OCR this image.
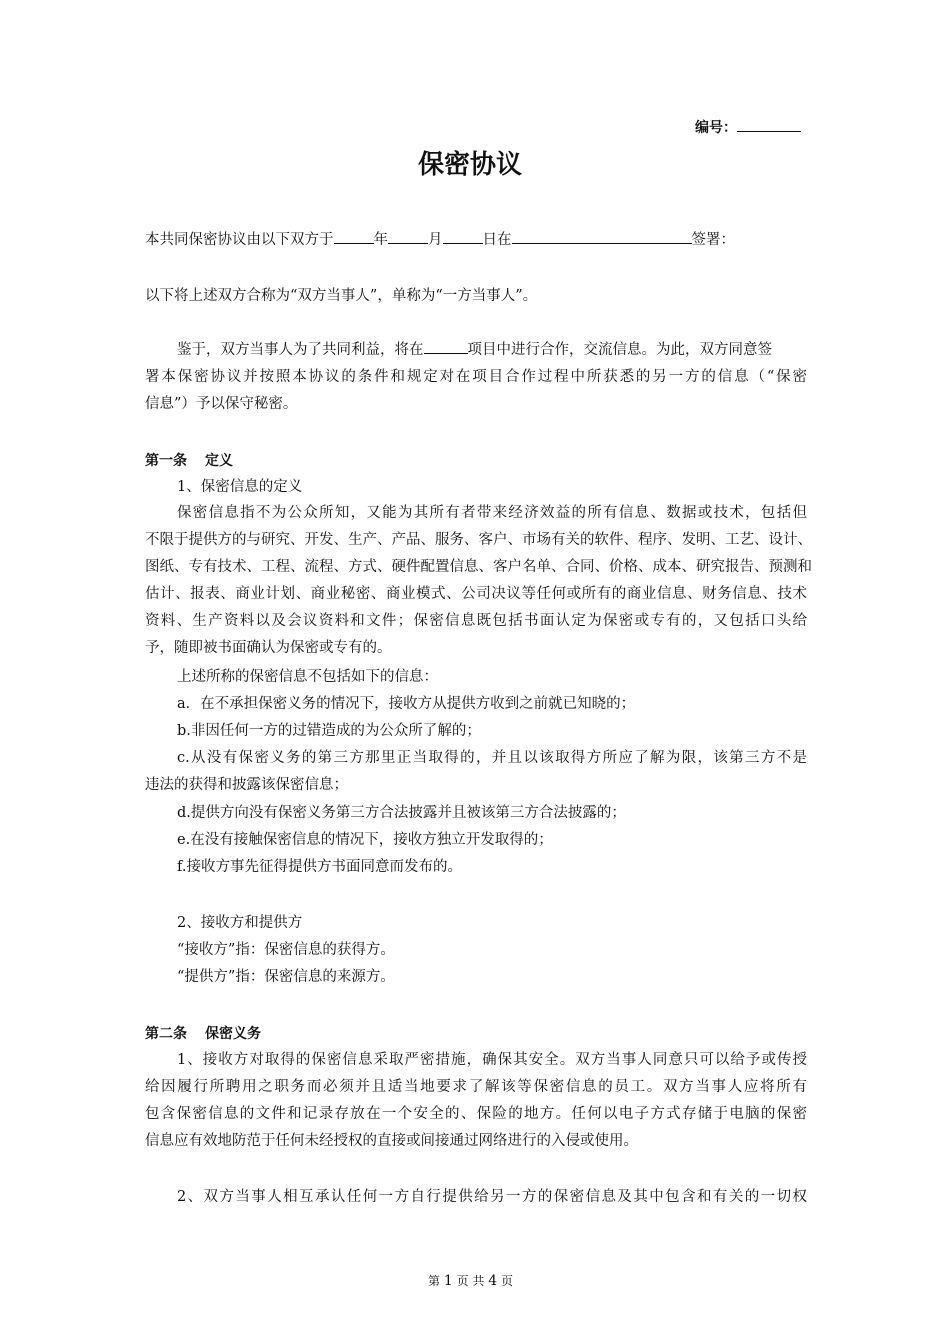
编号：
保密协议
本共同保密协议由以下双方于	年	月	日在	签署：
以下将上述双方合称为“双方当事人”，单称为“一方当事人”。
鉴于，双方当事人为了共同利益，将在	项目中进行合作，交流信息。为此，双方同意签
署本保密协议并按照本协议的条件和规定对在项目合作过程中所获悉的另一方的信息（“保密
信息”）予以保守秘密。
第一条 定义
1、保密信息的定义
保密信息指不为公众所知，又能为其所有者带来经济效益的所有信息、数据或技术，包括但
不限于提供方的与研究、开发、生产、产品、服务、客户、市场有关的软件、程序、发明、工艺、设计、
图纸、专有技术、工程、流程、方式、硬件配置信息、客户名单、合同、价格、成本、研究报告、预测和
估计、报表、商业计划、商业秘密、商业模式、公司决议等任何或所有的商业信息、财务信息、技术
资料、生产资料以及会议资料和文件；保密信息既包括书面认定为保密或专有的，又包括口头给
予，随即被书面确认为保密或专有的。
上述所称的保密信息不包括如下的信息：
a．在不承担保密义务的情况下，接收方从提供方收到之前就已知晓的；
b.非因任何一方的过错造成的为公众所了解的；
c.从没有保密义务的第三方那里正当取得的，并且以该取得方所应了解为限，该第三方不是
违法的获得和披露该保密信息；
d.提供方向没有保密义务第三方合法披露并且被该第三方合法披露的；
e.在没有接触保密信息的情况下，接收方独立开发取得的；
f.接收方事先征得提供方书面同意而发布的。
2、接收方和提供方
“接收方”指：保密信息的获得方。
“提供方”指：保密信息的来源方。
第二条 保密义务
1、接收方对取得的保密信息采取严密措施，确保其安全。双方当事人同意只可以给予或传授
给因履行所聘用之职务而必须并且适当地要求了解该等保密信息的员工。双方当事人应将所有
包含保密信息的文件和记录存放在一个安全的、保险的地方。任何以电子方式存储于电脑的保密
信息应有效地防范于任何未经授权的直接或间接通过网络进行的入侵或使用。
2、双方当事人相互承认任何一方自行提供给另一方的保密信息及其中包含和有关的一切权
第 1 页 共 4 页
